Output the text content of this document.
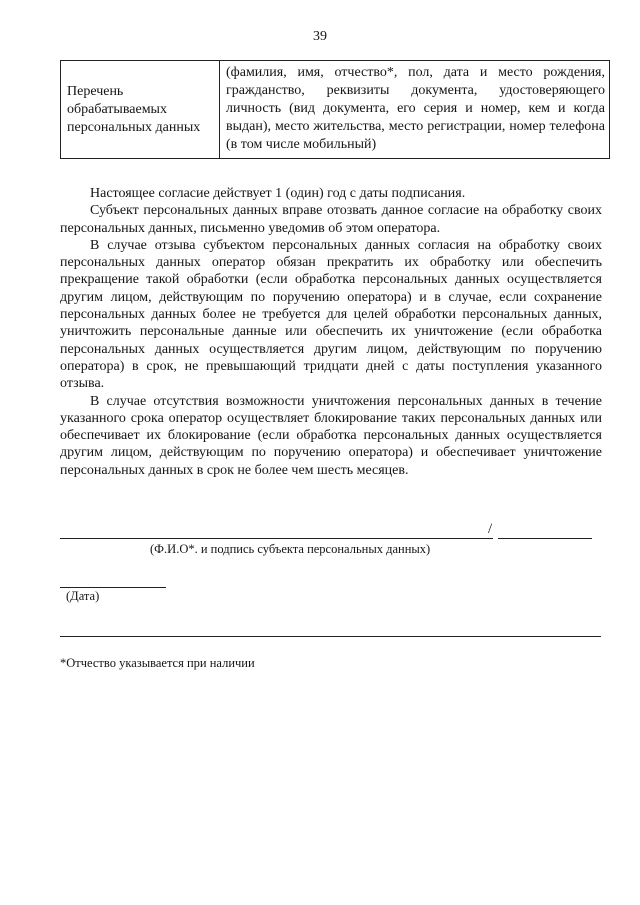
39
Перечень обрабатываемых персональных данных	(фамилия, имя, отчество*, пол, дата и место рождения, гражданство, реквизиты документа, удостоверяющего личность (вид документа, его серия и номер, кем и когда выдан), место жительства, место регистрации, номер телефона (в том числе мобильный)

Настоящее согласие действует 1 (один) год с даты подписания.

Субъект персональных данных вправе отозвать данное согласие на обработку своих персональных данных, письменно уведомив об этом оператора.

В случае отзыва субъектом персональных данных согласия на обработку своих персональных данных оператор обязан прекратить их обработку или обеспечить прекращение такой обработки (если обработка персональных данных осуществляется другим лицом, действующим по поручению оператора) и в случае, если сохранение персональных данных более не требуется для целей обработки персональных данных, уничтожить персональные данные или обеспечить их уничтожение (если обработка персональных данных осуществляется другим лицом, действующим по поручению оператора) в срок, не превышающий тридцати дней с даты поступления указанного отзыва.

В случае отсутствия возможности уничтожения персональных данных в течение указанного срока оператор осуществляет блокирование таких персональных данных или обеспечивает их блокирование (если обработка персональных данных осуществляется другим лицом, действующим по поручению оператора) и обеспечивает уничтожение персональных данных в срок не более чем шесть месяцев.

/
(Ф.И.О*. и подпись субъекта персональных данных)
(Дата)
*Отчество указывается при наличии
